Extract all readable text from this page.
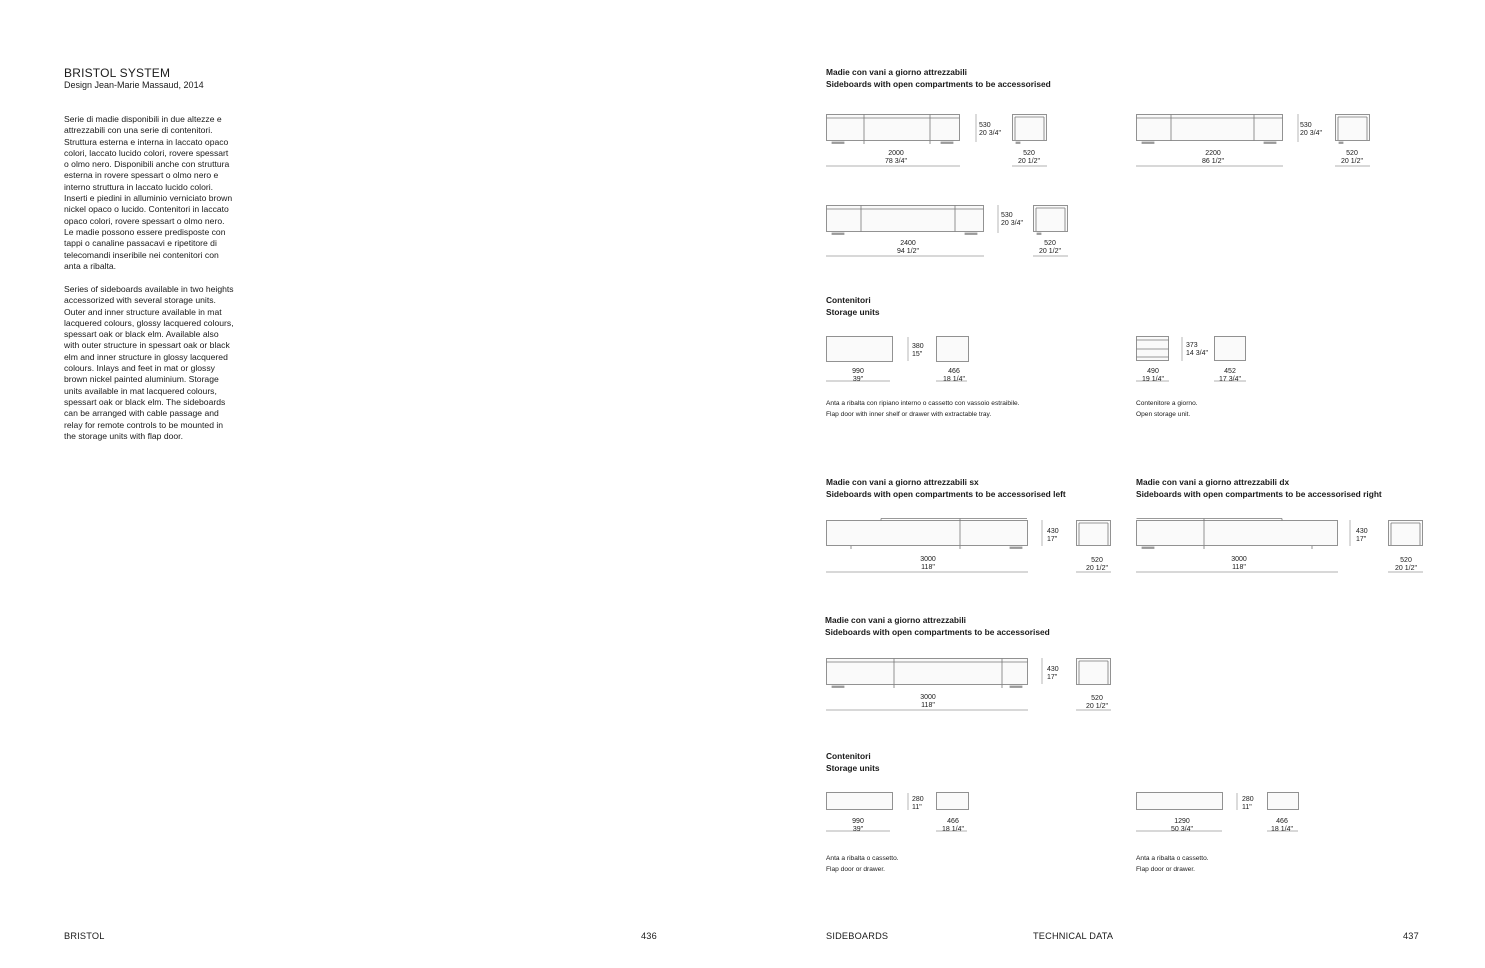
BRISTOL SYSTEM
Design Jean-Marie Massaud, 2014
Serie di madie disponibili in due altezze e
attrezzabili con una serie di contenitori.
Struttura esterna e interna in laccato opaco
colori, laccato lucido colori, rovere spessart
o olmo nero. Disponibili anche con struttura
esterna in rovere spessart o olmo nero e
interno struttura in laccato lucido colori.
Inserti e piedini in alluminio verniciato brown
nickel opaco o lucido. Contenitori in laccato
opaco colori, rovere spessart o olmo nero.
Le madie possono essere predisposte con
tappi o canaline passacavi e ripetitore di
telecomandi inseribile nei contenitori con
anta a ribalta.
Series of sideboards available in two heights
accessorized with several storage units.
Outer and inner structure available in mat
lacquered colours, glossy lacquered colours,
spessart oak or black elm. Available also
with outer structure in spessart oak or black
elm and inner structure in glossy lacquered
colours. Inlays and feet in mat or glossy
brown nickel painted aluminium. Storage
units available in mat lacquered colours,
spessart oak or black elm. The sideboards
can be arranged with cable passage and
relay for remote controls to be mounted in
the storage units with flap door.
Madie con vani a giorno attrezzabili
Sideboards with open compartments to be accessorised
2000
78 3/4"
530
20 3/4"
520
20 1/2"
2200
86 1/2"
530
20 3/4"
520
20 1/2"
2400
94 1/2"
530
20 3/4"
520
20 1/2"
Contenitori
Storage units
990
39"
380
15"
466
18 1/4"
Anta a ribalta con ripiano interno o cassetto con vassoio estraibile.
Flap door with inner shelf or drawer with extractable tray.
490
19 1/4"
373
14 3/4"
452
17 3/4"
Contenitore a giorno.
Open storage unit.
Madie con vani a giorno attrezzabili sx
Sideboards with open compartments to be accessorised left
3000
118"
430
17"
520
20 1/2"
Madie con vani a giorno attrezzabili dx
Sideboards with open compartments to be accessorised right
3000
118"
430
17"
520
20 1/2"
Madie con vani a giorno attrezzabili
Sideboards with open compartments to be accessorised
3000
118"
430
17"
520
20 1/2"
Contenitori
Storage units
990
39"
280
11"
466
18 1/4"
Anta a ribalta o cassetto.
Flap door or drawer.
1290
50 3/4"
280
11"
466
18 1/4"
Anta a ribalta o cassetto.
Flap door or drawer.
BRISTOL	436	SIDEBOARDS	TECHNICAL DATA	437
